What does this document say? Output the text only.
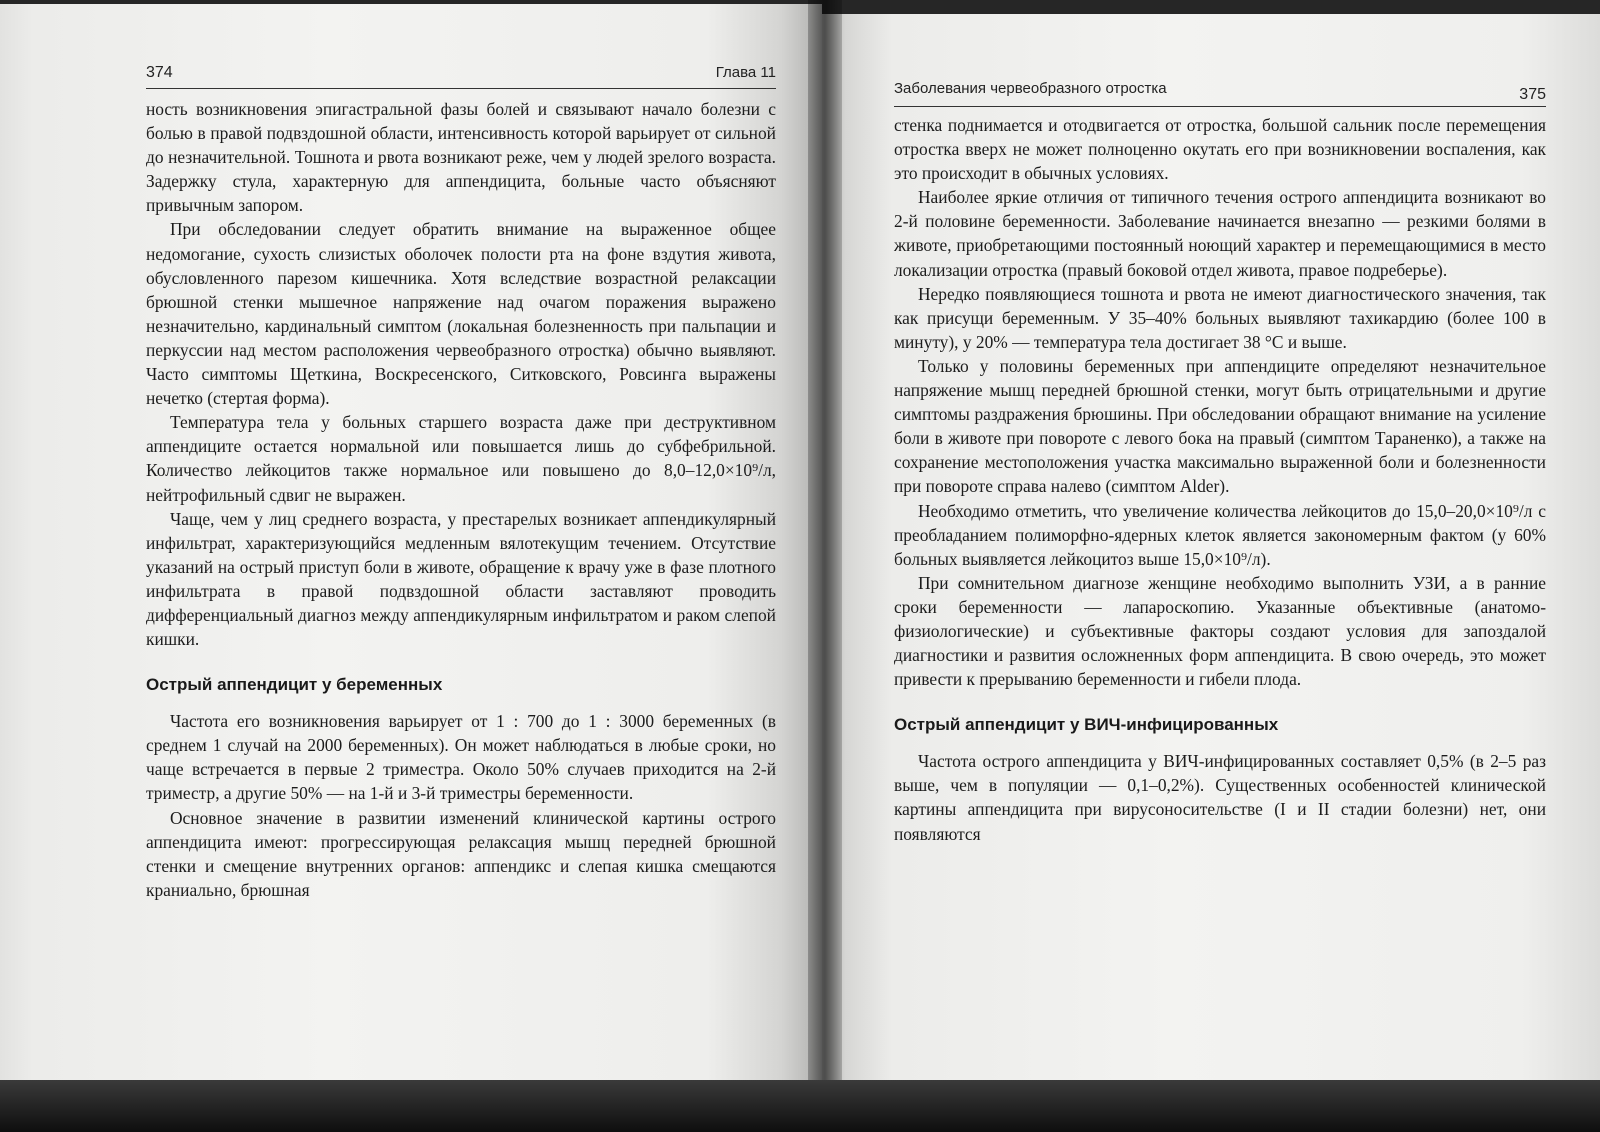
374	Глава 11

ность возникновения эпигастральной фазы болей и связывают начало болезни с болью в правой подвздошной области, интенсивность которой варьирует от сильной до незначительной. Тошнота и рвота возникают реже, чем у людей зрелого возраста. Задержку стула, характерную для аппендицита, больные часто объясняют привычным запором.

При обследовании следует обратить внимание на выраженное общее недомогание, сухость слизистых оболочек полости рта на фоне вздутия живота, обусловленного парезом кишечника. Хотя вследствие возрастной релаксации брюшной стенки мышечное напряжение над очагом поражения выражено незначительно, кардинальный симптом (локальная болезненность при пальпации и перкуссии над местом расположения червеобразного отростка) обычно выявляют. Часто симптомы Щеткина, Воскресенского, Ситковского, Ровсинга выражены нечетко (стертая форма).

Температура тела у больных старшего возраста даже при деструктивном аппендиците остается нормальной или повышается лишь до субфебрильной. Количество лейкоцитов также нормальное или повышено до 8,0–12,0×10⁹/л, нейтрофильный сдвиг не выражен.

Чаще, чем у лиц среднего возраста, у престарелых возникает аппендикулярный инфильтрат, характеризующийся медленным вялотекущим течением. Отсутствие указаний на острый приступ боли в животе, обращение к врачу уже в фазе плотного инфильтрата в правой подвздошной области заставляют проводить дифференциальный диагноз между аппендикулярным инфильтратом и раком слепой кишки.

Острый аппендицит у беременных

Частота его возникновения варьирует от 1 : 700 до 1 : 3000 беременных (в среднем 1 случай на 2000 беременных). Он может наблюдаться в любые сроки, но чаще встречается в первые 2 триместра. Около 50% случаев приходится на 2-й триместр, а другие 50% — на 1-й и 3-й триместры беременности.

Основное значение в развитии изменений клинической картины острого аппендицита имеют: прогрессирующая релаксация мышц передней брюшной стенки и смещение внутренних органов: аппендикс и слепая кишка смещаются краниально, брюшная

Заболевания червеобразного отростка	375

стенка поднимается и отодвигается от отростка, большой сальник после перемещения отростка вверх не может полноценно окутать его при возникновении воспаления, как это происходит в обычных условиях.

Наиболее яркие отличия от типичного течения острого аппендицита возникают во 2-й половине беременности. Заболевание начинается внезапно — резкими болями в животе, приобретающими постоянный ноющий характер и перемещающимися в место локализации отростка (правый боковой отдел живота, правое подреберье).

Нередко появляющиеся тошнота и рвота не имеют диагностического значения, так как присущи беременным. У 35–40% больных выявляют тахикардию (более 100 в минуту), у 20% — температура тела достигает 38 °С и выше.

Только у половины беременных при аппендиците определяют незначительное напряжение мышц передней брюшной стенки, могут быть отрицательными и другие симптомы раздражения брюшины. При обследовании обращают внимание на усиление боли в животе при повороте с левого бока на правый (симптом Тараненко), а также на сохранение местоположения участка максимально выраженной боли и болезненности при повороте справа налево (симптом Alder).

Необходимо отметить, что увеличение количества лейкоцитов до 15,0–20,0×10⁹/л с преобладанием полиморфно-ядерных клеток является закономерным фактом (у 60% больных выявляется лейкоцитоз выше 15,0×10⁹/л).

При сомнительном диагнозе женщине необходимо выполнить УЗИ, а в ранние сроки беременности — лапароскопию. Указанные объективные (анатомо-физиологические) и субъективные факторы создают условия для запоздалой диагностики и развития осложненных форм аппендицита. В свою очередь, это может привести к прерыванию беременности и гибели плода.

Острый аппендицит у ВИЧ-инфицированных

Частота острого аппендицита у ВИЧ-инфицированных составляет 0,5% (в 2–5 раз выше, чем в популяции — 0,1–0,2%). Существенных особенностей клинической картины аппендицита при вирусоносительстве (I и II стадии болезни) нет, они появляются
